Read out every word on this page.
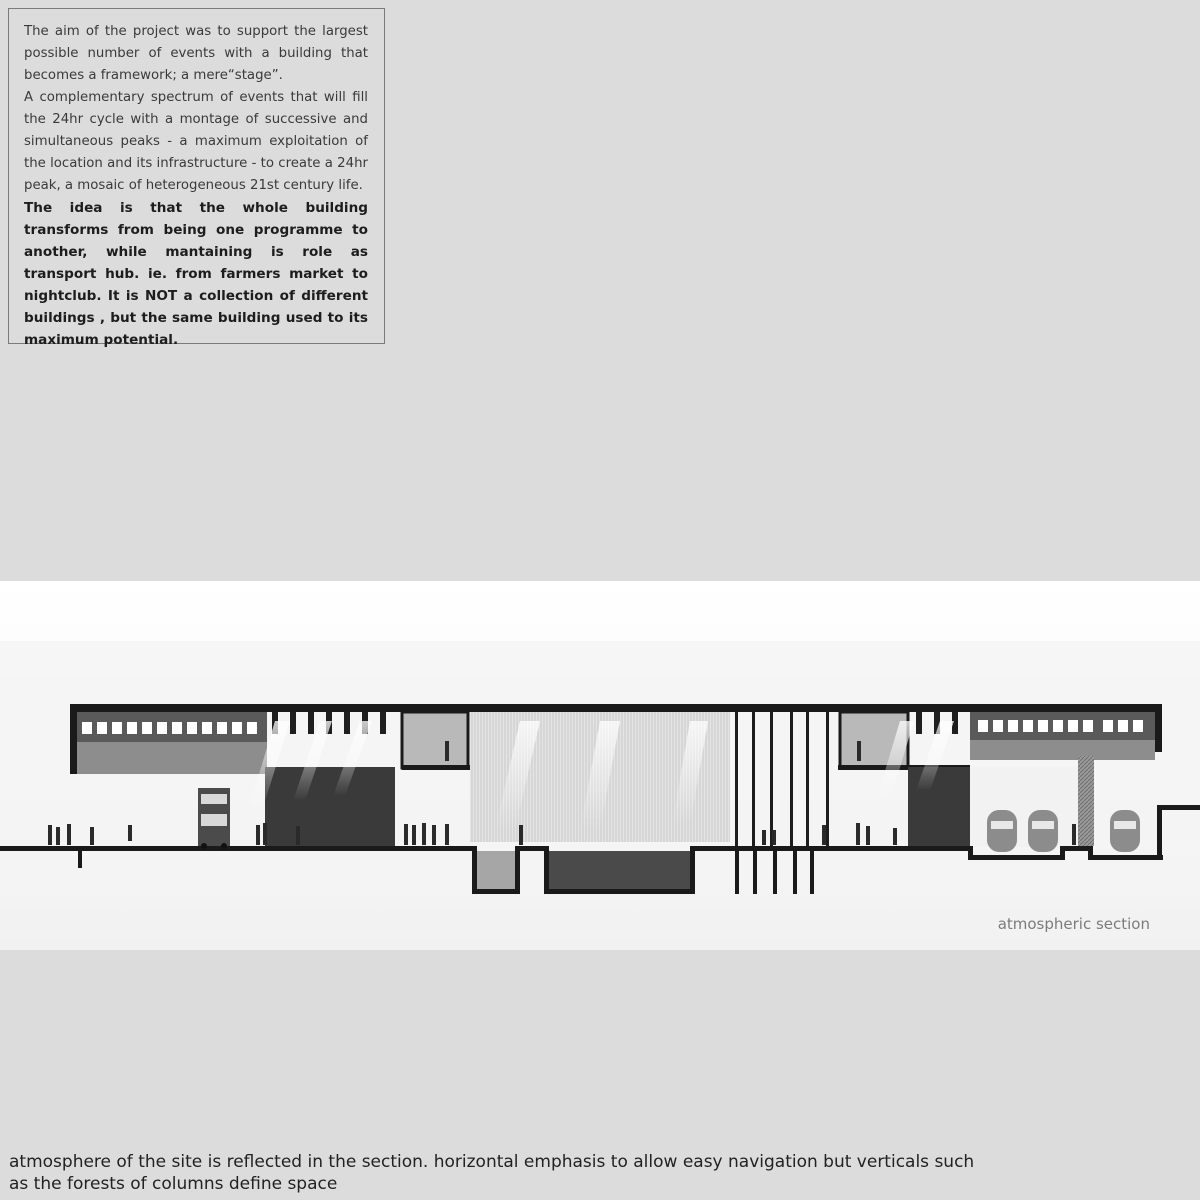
The aim of the project was to support the largest possible number of events with a building that becomes a framework; a mere“stage”.

A complementary spectrum of events that will fill the 24hr cycle with a montage of successive and simultaneous peaks - a maximum exploitation of the location and its infrastructure - to create a 24hr peak, a mosaic of heterogeneous 21st century life.

The idea is that the whole building transforms from being one programme to another, while mantaining is role as transport hub. ie. from farmers market to nightclub. It is NOT a collection of different buildings , but the same building used to its maximum potential.

atmospheric section
atmosphere of the site is reflected in the section. horizontal emphasis to allow easy navigation but verticals such as the forests of columns define space
